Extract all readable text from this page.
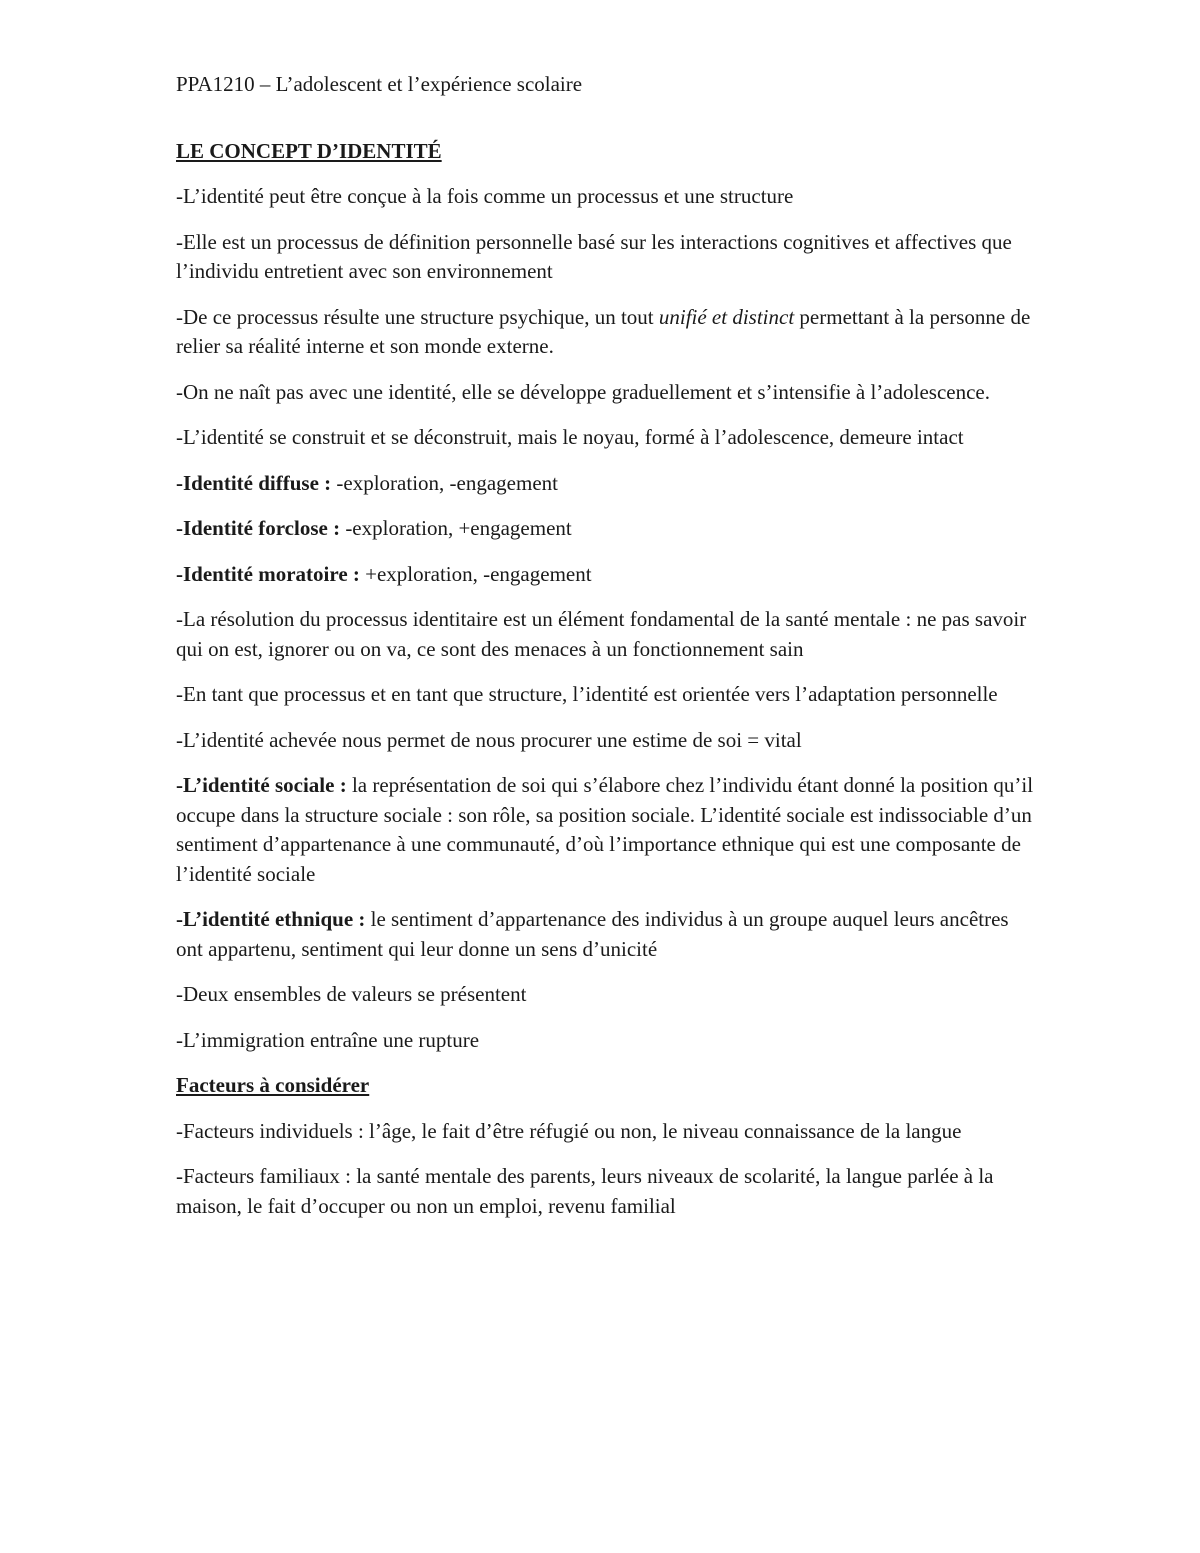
PPA1210 – L’adolescent et l’expérience scolaire

LE CONCEPT D’IDENTITÉ

-L’identité peut être conçue à la fois comme un processus et une structure

-Elle est un processus de définition personnelle basé sur les interactions cognitives et affectives que l’individu entretient avec son environnement

-De ce processus résulte une structure psychique, un tout unifié et distinct permettant à la personne de relier sa réalité interne et son monde externe.

-On ne naît pas avec une identité, elle se développe graduellement et s’intensifie à l’adolescence.

-L’identité se construit et se déconstruit, mais le noyau, formé à l’adolescence, demeure intact

-Identité diffuse : -exploration, -engagement

-Identité forclose : -exploration, +engagement

-Identité moratoire : +exploration, -engagement

-La résolution du processus identitaire est un élément fondamental de la santé mentale : ne pas savoir qui on est, ignorer ou on va, ce sont des menaces à un fonctionnement sain

-En tant que processus et en tant que structure, l’identité est orientée vers l’adaptation personnelle

-L’identité achevée nous permet de nous procurer une estime de soi = vital

-L’identité sociale : la représentation de soi qui s’élabore chez l’individu étant donné la position qu’il occupe dans la structure sociale : son rôle, sa position sociale. L’identité sociale est indissociable d’un sentiment d’appartenance à une communauté, d’où l’importance ethnique qui est une composante de l’identité sociale

-L’identité ethnique : le sentiment d’appartenance des individus à un groupe auquel leurs ancêtres ont appartenu, sentiment qui leur donne un sens d’unicité

-Deux ensembles de valeurs se présentent

-L’immigration entraîne une rupture

Facteurs à considérer

-Facteurs individuels : l’âge, le fait d’être réfugié ou non, le niveau connaissance de la langue

-Facteurs familiaux : la santé mentale des parents, leurs niveaux de scolarité, la langue parlée à la maison, le fait d’occuper ou non un emploi, revenu familial
